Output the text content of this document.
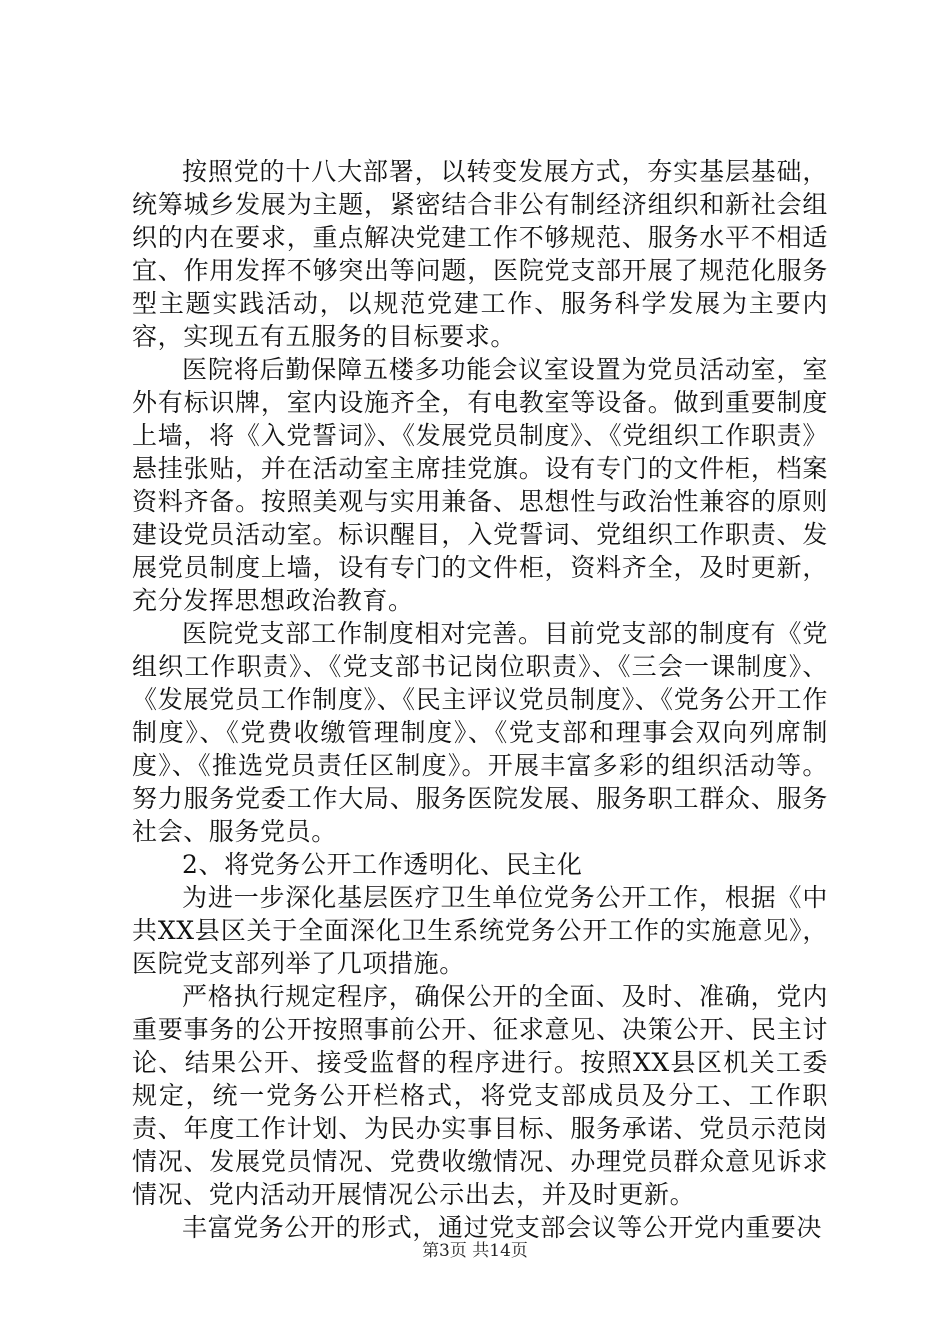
按照党的十八大部署，以转变发展方式，夯实基层基础，统筹城乡发展为主题，紧密结合非公有制经济组织和新社会组织的内在要求，重点解决党建工作不够规范、服务水平不相适宜、作用发挥不够突出等问题，医院党支部开展了规范化服务型主题实践活动，以规范党建工作、服务科学发展为主要内容，实现五有五服务的目标要求。

医院将后勤保障五楼多功能会议室设置为党员活动室，室外有标识牌，室内设施齐全，有电教室等设备。做到重要制度上墙，将《入党誓词》、《发展党员制度》、《党组织工作职责》悬挂张贴，并在活动室主席挂党旗。设有专门的文件柜，档案资料齐备。按照美观与实用兼备、思想性与政治性兼容的原则建设党员活动室。标识醒目，入党誓词、党组织工作职责、发展党员制度上墙，设有专门的文件柜，资料齐全，及时更新，充分发挥思想政治教育。

医院党支部工作制度相对完善。目前党支部的制度有《党组织工作职责》、《党支部书记岗位职责》、《三会一课制度》、《发展党员工作制度》、《民主评议党员制度》、《党务公开工作制度》、《党费收缴管理制度》、《党支部和理事会双向列席制度》、《推选党员责任区制度》。开展丰富多彩的组织活动等。努力服务党委工作大局、服务医院发展、服务职工群众、服务社会、服务党员。

2、将党务公开工作透明化、民主化

为进一步深化基层医疗卫生单位党务公开工作，根据《中共XX县区关于全面深化卫生系统党务公开工作的实施意见》，医院党支部列举了几项措施。

严格执行规定程序，确保公开的全面、及时、准确，党内重要事务的公开按照事前公开、征求意见、决策公开、民主讨论、结果公开、接受监督的程序进行。按照XX县区机关工委规定，统一党务公开栏格式，将党支部成员及分工、工作职责、年度工作计划、为民办实事目标、服务承诺、党员示范岗情况、发展党员情况、党费收缴情况、办理党员群众意见诉求情况、党内活动开展情况公示出去，并及时更新。

丰富党务公开的形式，通过党支部会议等公开党内重要决

第3页 共14页
